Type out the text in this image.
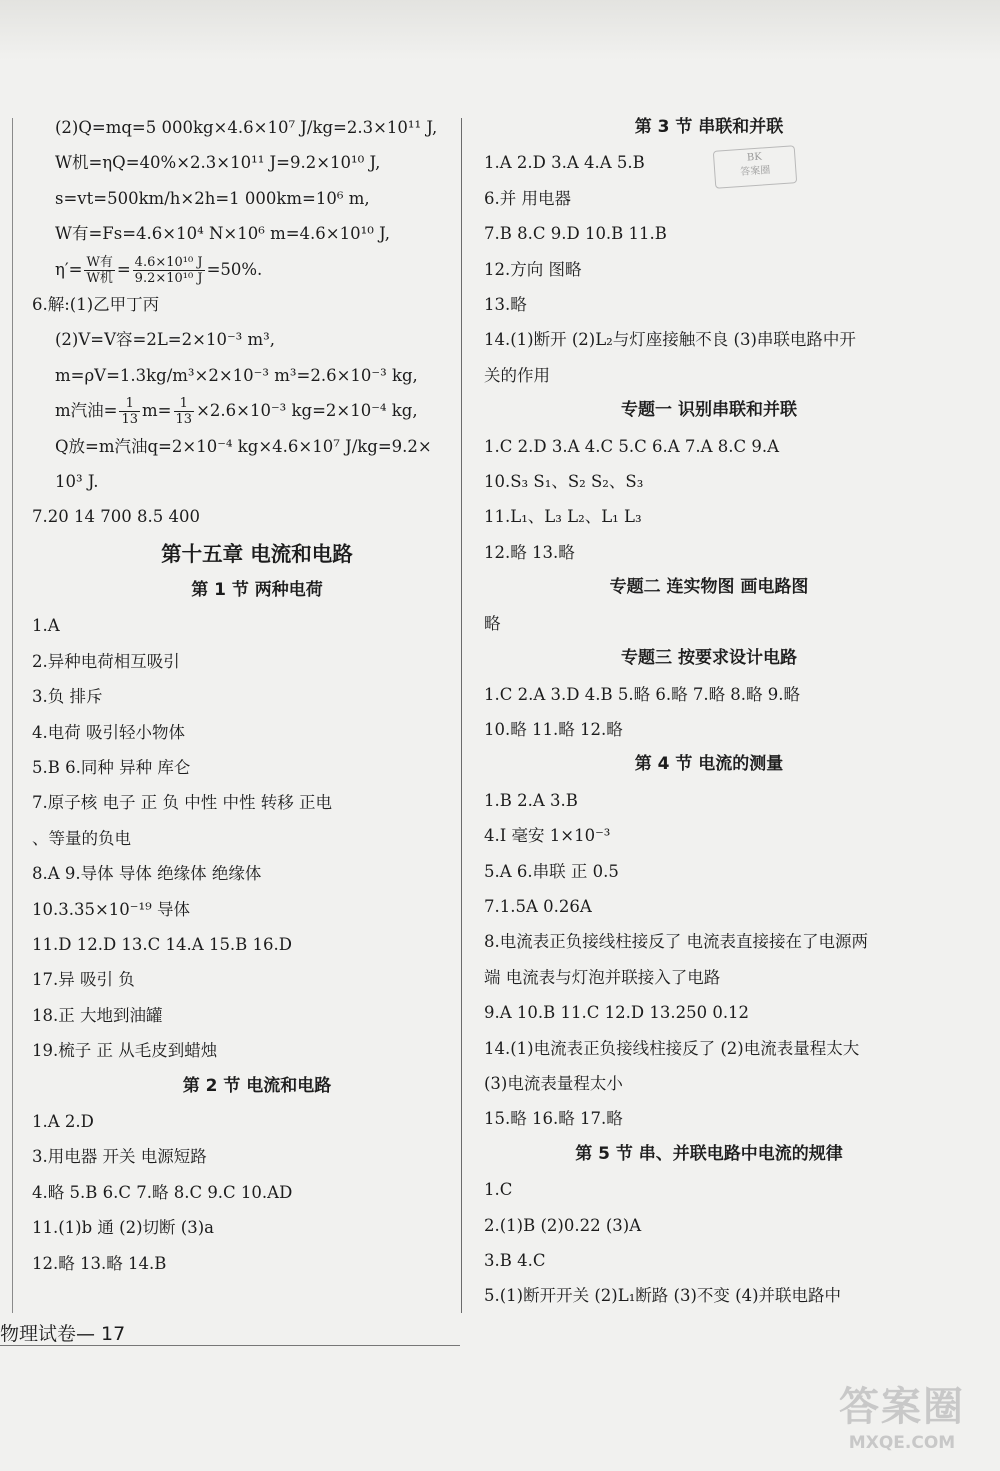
(2)Q=mq=5 000kg×4.6×10⁷ J/kg=2.3×10¹¹ J,
W机=ηQ=40%×2.3×10¹¹ J=9.2×10¹⁰ J,
s=vt=500km/h×2h=1 000km=10⁶ m,
W有=Fs=4.6×10⁴ N×10⁶ m=4.6×10¹⁰ J,
$\eta'= \frac{\text{W有}}{\text{W机}} = \frac{\text{4.6×10¹⁰ J}}{\text{9.2×10¹⁰ J}} =50\%$.
6.解:(1)乙甲丁丙
(2)V=V容=2L=2×10⁻³ m³,
m=ρV=1.3kg/m³×2×10⁻³ m³=2.6×10⁻³ kg,
m汽油= $\frac{1}{13} m= \frac{1}{13} \times 2.6\times 10^{-3}$ kg=2×10⁻⁴ kg,
Q放=m汽油q=2×10⁻⁴ kg×4.6×10⁷ J/kg=9.2×
10³ J.
7.20 14 700 8.5 400
第十五章 电流和电路
第 1 节 两种电荷
1.A
2.异种电荷相互吸引
3.负 排斥
4.电荷 吸引轻小物体
5.B 6.同种 异种 库仑
7.原子核 电子 正 负 中性 中性 转移 正电
、等量的负电
8.A 9.导体 导体 绝缘体 绝缘体
10.3.35×10⁻¹⁹ 导体
11.D 12.D 13.C 14.A 15.B 16.D
17.异 吸引 负
18.正 大地到油罐
19.梳子 正 从毛皮到蜡烛
第 2 节 电流和电路
1.A 2.D
3.用电器 开关 电源短路
4.略 5.B 6.C 7.略 8.C 9.C 10.AD
11.(1)b 通 (2)切断 (3)a
12.略 13.略 14.B
第 3 节 串联和并联
1.A 2.D 3.A 4.A 5.B
6.并 用电器
7.B 8.C 9.D 10.B 11.B
12.方向 图略
13.略
14.(1)断开 (2)L₂与灯座接触不良 (3)串联电路中开
关的作用
专题一 识别串联和并联
1.C 2.D 3.A 4.C 5.C 6.A 7.A 8.C 9.A
10.S₃ S₁、S₂ S₂、S₃
11.L₁、L₃ L₂、L₁ L₃
12.略 13.略
专题二 连实物图 画电路图
略
专题三 按要求设计电路
1.C 2.A 3.D 4.B 5.略 6.略 7.略 8.略 9.略
10.略 11.略 12.略
第 4 节 电流的测量
1.B 2.A 3.B
4.I 毫安 1×10⁻³
5.A 6.串联 正 0.5
7.1.5A 0.26A
8.电流表正负接线柱接反了 电流表直接接在了电源两
端 电流表与灯泡并联接入了电路
9.A 10.B 11.C 12.D 13.250 0.12
14.(1)电流表正负接线柱接反了 (2)电流表量程太大
(3)电流表量程太小
15.略 16.略 17.略
第 5 节 串、并联电路中电流的规律
1.C
2.(1)B (2)0.22 (3)A
3.B 4.C
5.(1)断开开关 (2)L₁断路 (3)不变 (4)并联电路中
BK
答案圈
物理试卷— 17
答案圈
MXQE.COM
